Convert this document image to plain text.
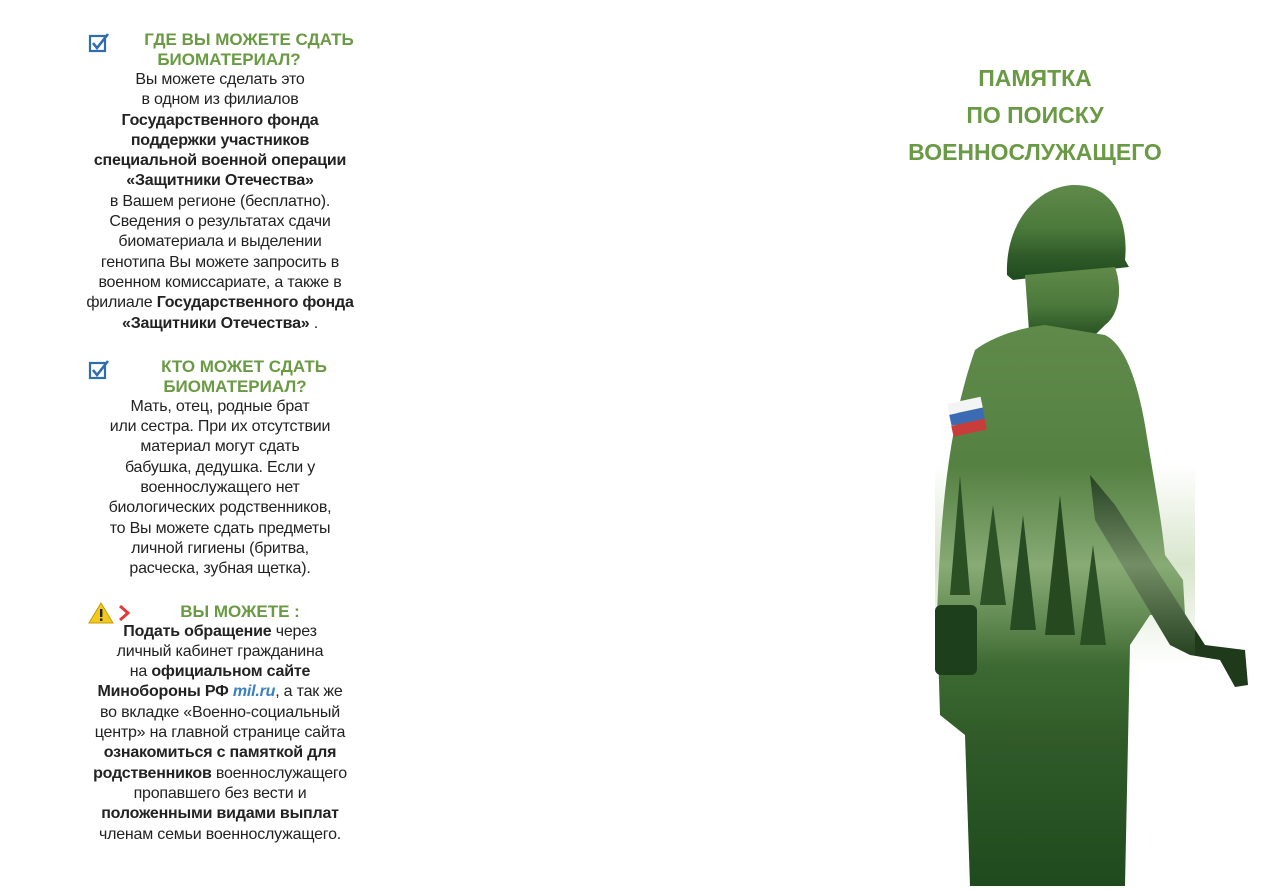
ГДЕ ВЫ МОЖЕТЕ СДАТЬ
БИОМАТЕРИАЛ?
Вы можете сделать это
в одном из филиалов
Государственного фонда
поддержки участников
специальной военной операции
«Защитники Отечества»
в Вашем регионе (бесплатно).
Сведения о результатах сдачи
биоматериала и выделении
генотипа Вы можете запросить в
военном комиссариате, а также в
филиале Государственного фонда
«Защитники Отечества» .
КТО МОЖЕТ СДАТЬ
БИОМАТЕРИАЛ?
Мать, отец, родные брат
или сестра. При их отсутствии
материал могут сдать
бабушка, дедушка. Если у
военнослужащего нет
биологических родственников,
то Вы можете сдать предметы
личной гигиены (бритва,
расческа, зубная щетка).
ВЫ МОЖЕТЕ :
Подать обращение через
личный кабинет гражданина
на официальном сайте
Минобороны РФ mil.ru, а так же
во вкладке «Военно-социальный
центр» на главной странице сайта
ознакомиться с памяткой для
родственников военнослужащего
пропавшего без вести и
положенными видами выплат
членам семьи военнослужащего.
ПАМЯТКА
ПО ПОИСКУ
ВОЕННОСЛУЖАЩЕГО
